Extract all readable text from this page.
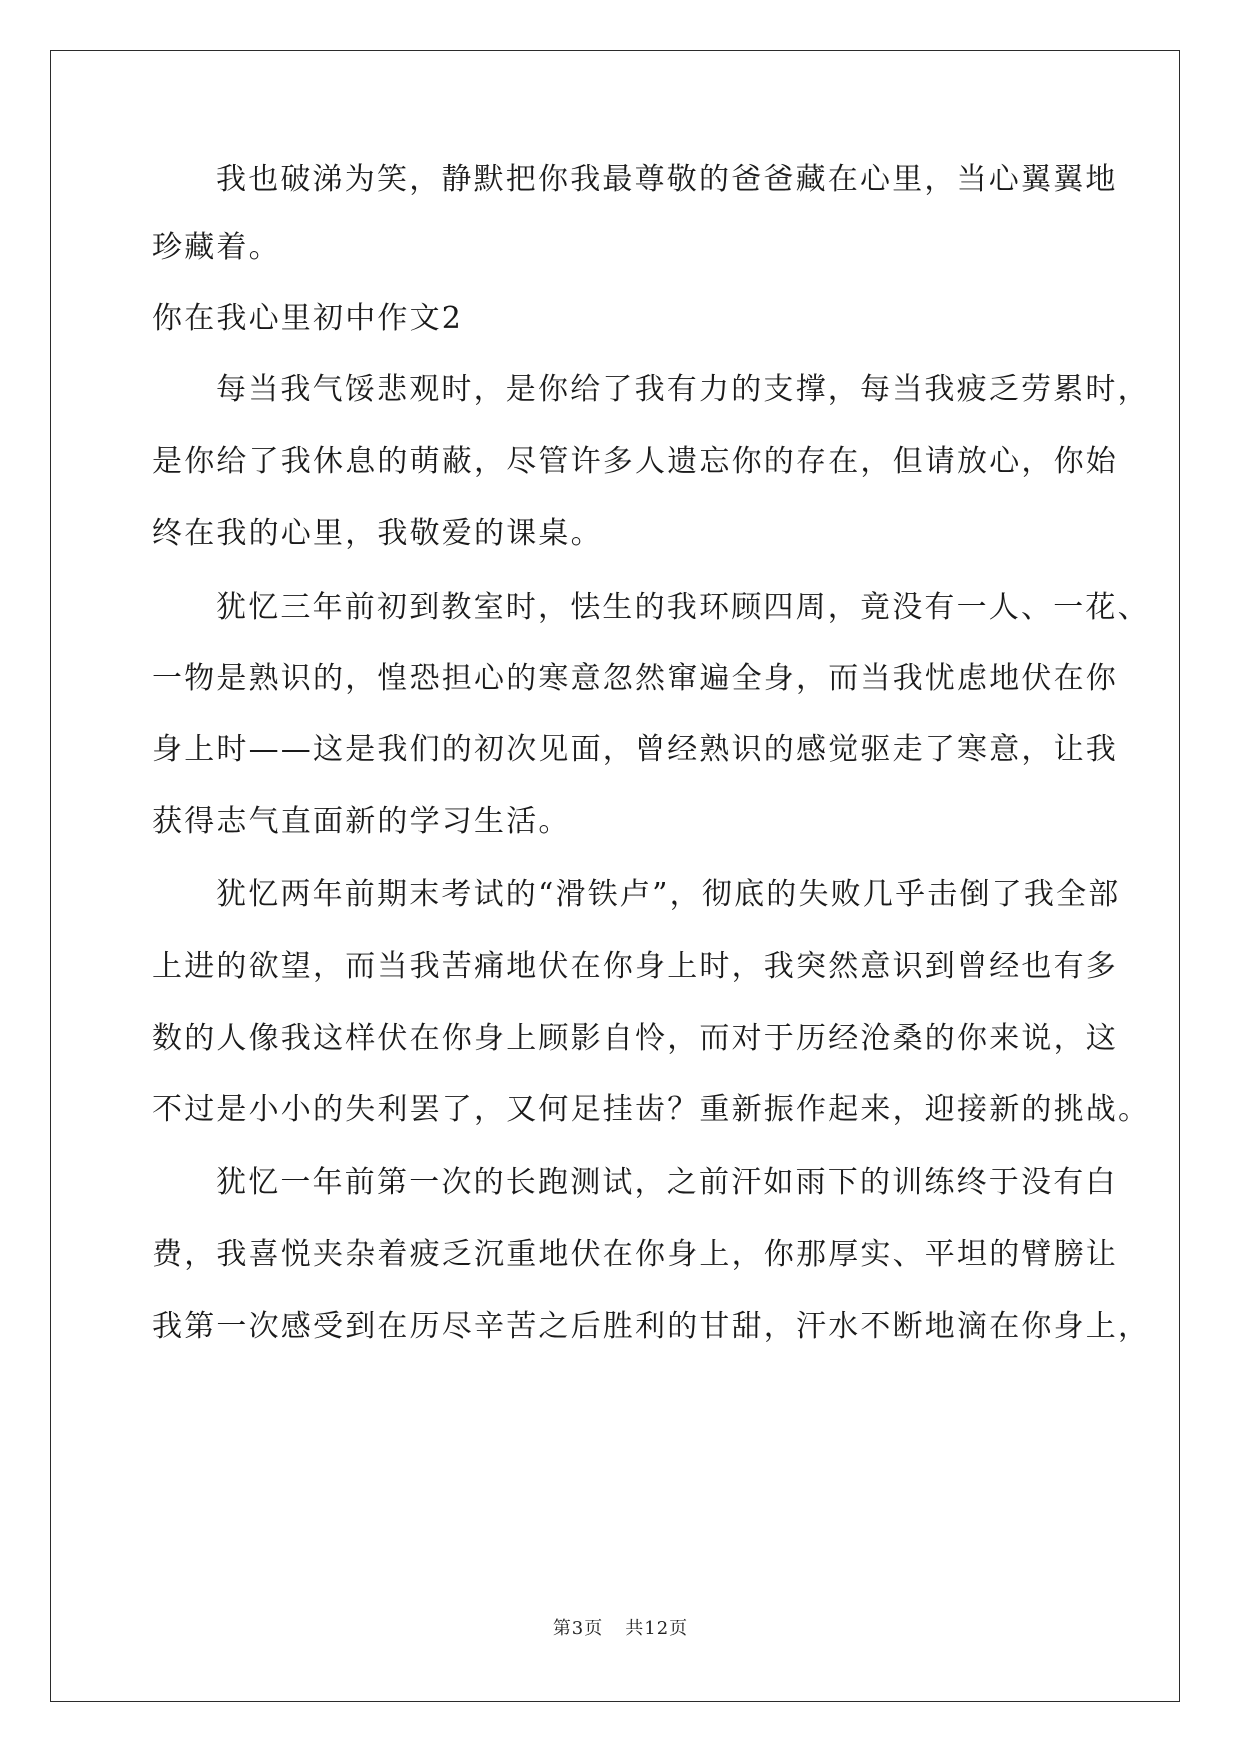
我也破涕为笑，静默把你我最尊敬的爸爸藏在心里，当心翼翼地
珍藏着。
你在我心里初中作文2
每当我气馁悲观时，是你给了我有力的支撑，每当我疲乏劳累时，
是你给了我休息的萌蔽，尽管许多人遗忘你的存在，但请放心，你始
终在我的心里，我敬爱的课桌。
犹忆三年前初到教室时，怯生的我环顾四周，竟没有一人、一花、
一物是熟识的，惶恐担心的寒意忽然窜遍全身，而当我忧虑地伏在你
身上时——这是我们的初次见面，曾经熟识的感觉驱走了寒意，让我
获得志气直面新的学习生活。
犹忆两年前期末考试的“滑铁卢”，彻底的失败几乎击倒了我全部
上进的欲望，而当我苦痛地伏在你身上时，我突然意识到曾经也有多
数的人像我这样伏在你身上顾影自怜，而对于历经沧桑的你来说，这
不过是小小的失利罢了，又何足挂齿？重新振作起来，迎接新的挑战。
犹忆一年前第一次的长跑测试，之前汗如雨下的训练终于没有白
费，我喜悦夹杂着疲乏沉重地伏在你身上，你那厚实、平坦的臂膀让
我第一次感受到在历尽辛苦之后胜利的甘甜，汗水不断地滴在你身上，
第3页 共12页
